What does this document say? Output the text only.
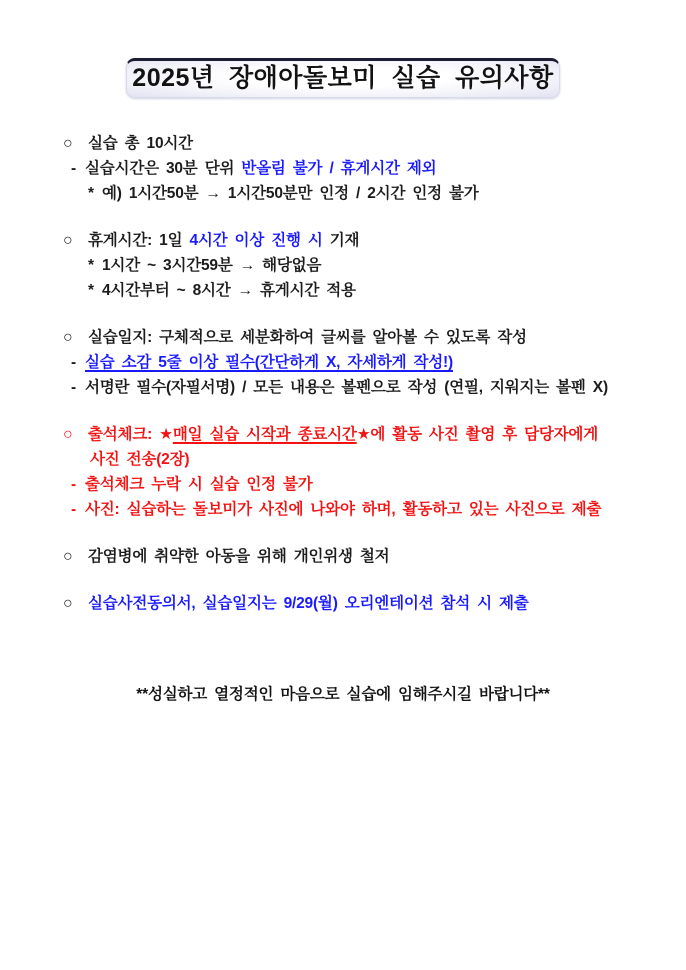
2025년 장애아돌보미 실습 유의사항
○ 실습 총 10시간
- 실습시간은 30분 단위 반올림 불가 / 휴게시간 제외
* 예) 1시간50분 → 1시간50분만 인정 / 2시간 인정 불가
○ 휴게시간: 1일 4시간 이상 진행 시 기재
* 1시간 ~ 3시간59분 → 해당없음
* 4시간부터 ~ 8시간 → 휴게시간 적용
○ 실습일지: 구체적으로 세분화하여 글씨를 알아볼 수 있도록 작성
- 실습 소감 5줄 이상 필수(간단하게 X, 자세하게 작성!)
- 서명란 필수(자필서명) / 모든 내용은 볼펜으로 작성 (연필, 지워지는 볼펜 X)
○ 출석체크: ★매일 실습 시작과 종료시간★에 활동 사진 촬영 후 담당자에게
사진 전송(2장)
- 출석체크 누락 시 실습 인정 불가
- 사진: 실습하는 돌보미가 사진에 나와야 하며, 활동하고 있는 사진으로 제출
○ 감염병에 취약한 아동을 위해 개인위생 철저
○ 실습사전동의서, 실습일지는 9/29(월) 오리엔테이션 참석 시 제출
**성실하고 열정적인 마음으로 실습에 임해주시길 바랍니다**
